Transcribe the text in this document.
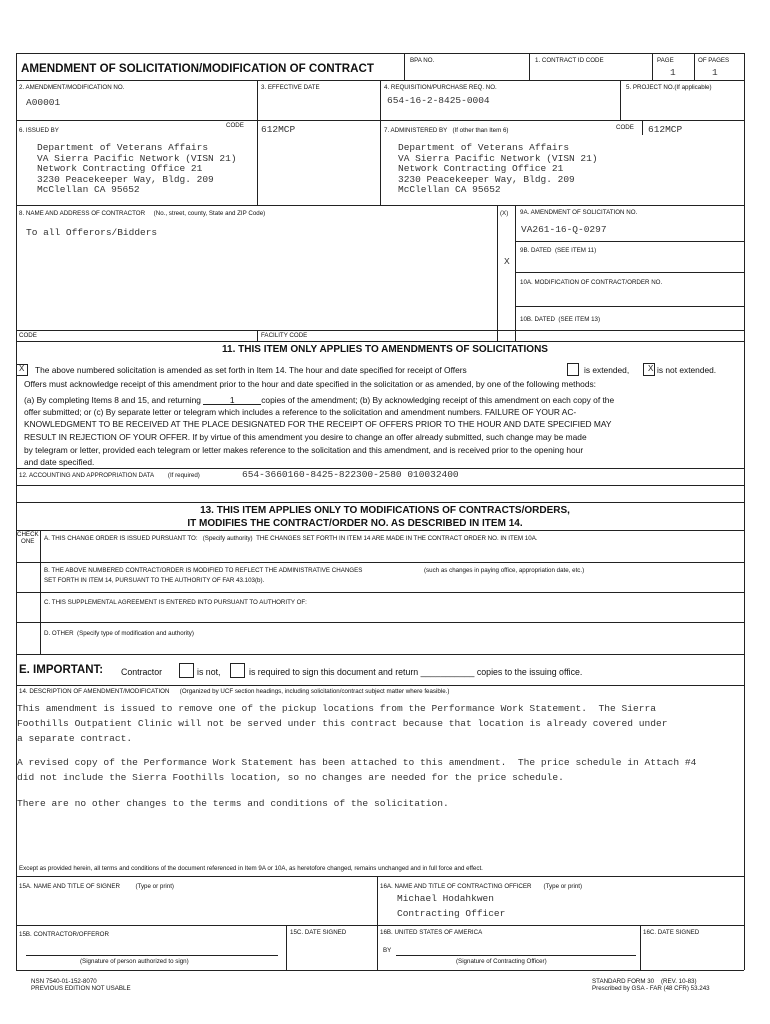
AMENDMENT OF SOLICITATION/MODIFICATION OF CONTRACT
BPA NO.	1. CONTRACT ID CODE	PAGE
1
OF PAGES
1
2. AMENDMENT/MODIFICATION NO.
A00001
3. EFFECTIVE DATE	4. REQUISITION/PURCHASE REQ. NO.
654-16-2-8425-0004
5. PROJECT NO.(If applicable)
6. ISSUED BY
CODE 612MCP
Department of Veterans Affairs
VA Sierra Pacific Network (VISN 21)
Network Contracting Office 21
3230 Peacekeeper Way, Bldg. 209
McClellan CA 95652
7. ADMINISTERED BY (If other than Item 6)	CODE 612MCP
Department of Veterans Affairs
VA Sierra Pacific Network (VISN 21)
Network Contracting Office 21
3230 Peacekeeper Way, Bldg. 209
McClellan CA 95652
8. NAME AND ADDRESS OF CONTRACTOR (No., street, county, State and ZIP Code)
To all Offerors/Bidders
(X) 9A. AMENDMENT OF SOLICITATION NO.
VA261-16-Q-0297
9B. DATED (SEE ITEM 11)
X
10A. MODIFICATION OF CONTRACT/ORDER NO.
10B. DATED (SEE ITEM 13)
CODE	FACILITY CODE
11. THIS ITEM ONLY APPLIES TO AMENDMENTS OF SOLICITATIONS
X The above numbered solicitation is amended as set forth in Item 14. The hour and date specified for receipt of Offers	is extended, X is not extended.
Offers must acknowledge receipt of this amendment prior to the hour and date specified in the solicitation or as amended, by one of the following methods:
(a) By completing Items 8 and 15, and returning	1	copies of the amendment; (b) By acknowledging receipt of this amendment on each copy of the
offer submitted; or (c) By separate letter or telegram which includes a reference to the solicitation and amendment numbers. FAILURE OF YOUR AC-
KNOWLEDGMENT TO BE RECEIVED AT THE PLACE DESIGNATED FOR THE RECEIPT OF OFFERS PRIOR TO THE HOUR AND DATE SPECIFIED MAY
RESULT IN REJECTION OF YOUR OFFER. If by virtue of this amendment you desire to change an offer already submitted, such change may be made
by telegram or letter, provided each telegram or letter makes reference to the solicitation and this amendment, and is received prior to the opening hour
and date specified.
12. ACCOUNTING AND APPROPRIATION DATA (If required)	654-3660160-8425-822300-2580 010032400
13. THIS ITEM APPLIES ONLY TO MODIFICATIONS OF CONTRACTS/ORDERS,
IT MODIFIES THE CONTRACT/ORDER NO. AS DESCRIBED IN ITEM 14.
CHECK
ONE A. THIS CHANGE ORDER IS ISSUED PURSUANT TO: (Specify authority) THE CHANGES SET FORTH IN ITEM 14 ARE MADE IN THE CONTRACT ORDER NO. IN ITEM 10A.
B. THE ABOVE NUMBERED CONTRACT/ORDER IS MODIFIED TO REFLECT THE ADMINISTRATIVE CHANGES	(such as changes in paying office, appropriation date, etc.)
SET FORTH IN ITEM 14, PURSUANT TO THE AUTHORITY OF FAR 43.103(b).
C. THIS SUPPLEMENTAL AGREEMENT IS ENTERED INTO PURSUANT TO AUTHORITY OF:
D. OTHER (Specify type of modification and authority)
E. IMPORTANT: Contractor	is not,	is required to sign this document and return ___________ copies to the issuing office.
14. DESCRIPTION OF AMENDMENT/MODIFICATION (Organized by UCF section headings, including solicitation/contract subject matter where feasible.)
This amendment is issued to remove one of the pickup locations from the Performance Work Statement.  The Sierra
Foothills Outpatient Clinic will not be served under this contract because that location is already covered under
a separate contract.
A revised copy of the Performance Work Statement has been attached to this amendment.  The price schedule in Attach #4
did not include the Sierra Foothills location, so no changes are needed for the price schedule.
There are no other changes to the terms and conditions of the solicitation.
Except as provided herein, all terms and conditions of the document referenced in Item 9A or 10A, as heretofore changed, remains unchanged and in full force and effect.
15A. NAME AND TITLE OF SIGNER (Type or print)	16A. NAME AND TITLE OF CONTRACTING OFFICER (Type or print)
Michael Hodahkwen
Contracting Officer
15B. CONTRACTOR/OFFEROR
(Signature of person authorized to sign)
15C. DATE SIGNED	16B. UNITED STATES OF AMERICA
BY
(Signature of Contracting Officer)
16C. DATE SIGNED
NSN 7540-01-152-8070
PREVIOUS EDITION NOT USABLE
STANDARD FORM 30    (REV. 10-83)
Prescribed by GSA - FAR (48 CFR) 53.243
